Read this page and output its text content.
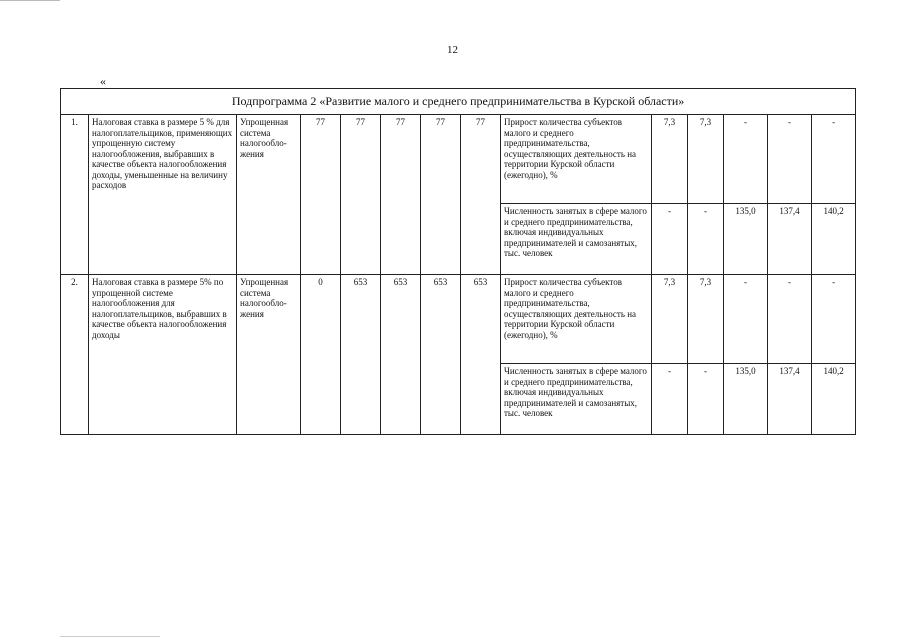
12
«
Подпрограмма 2 «Развитие малого и среднего предпринимательства в Курской области»													
1.	Налоговая ставка в размере 5 % для налогоплательщиков, применяющих упрощенную систему налогообложения, выбравших в качестве объекта налогообложения доходы, уменьшенные на величину расходов	Упрощенная система налогооблo-жения	77	77	77	77	77	Прирост количества субъектов малого и среднего предпринимательства, осуществляющих деятельность на территории Курской области (ежегодно), %	7,3	7,3	-	-	-
								Численность занятых в сфере малого и среднего предпринимательства, включая индивидуальных предпринимателей и самозанятых, тыс. человек	-	-	135,0	137,4	140,2
2.	Налоговая ставка в размере 5% по упрощенной системе налогообложения для налогоплательщиков, выбравших в качестве объекта налогообложения доходы	Упрощенная система налогообло-жения	0	653	653	653	653	Прирост количества субъектов малого и среднего предпринимательства, осуществляющих деятельность на территории Курской области (ежегодно), %	7,3	7,3	-	-	-
								Численность занятых в сфере малого и среднего предпринимательства, включая индивидуальных предпринимателей и самозанятых, тыс. человек	-	-	135,0	137,4	140,2
